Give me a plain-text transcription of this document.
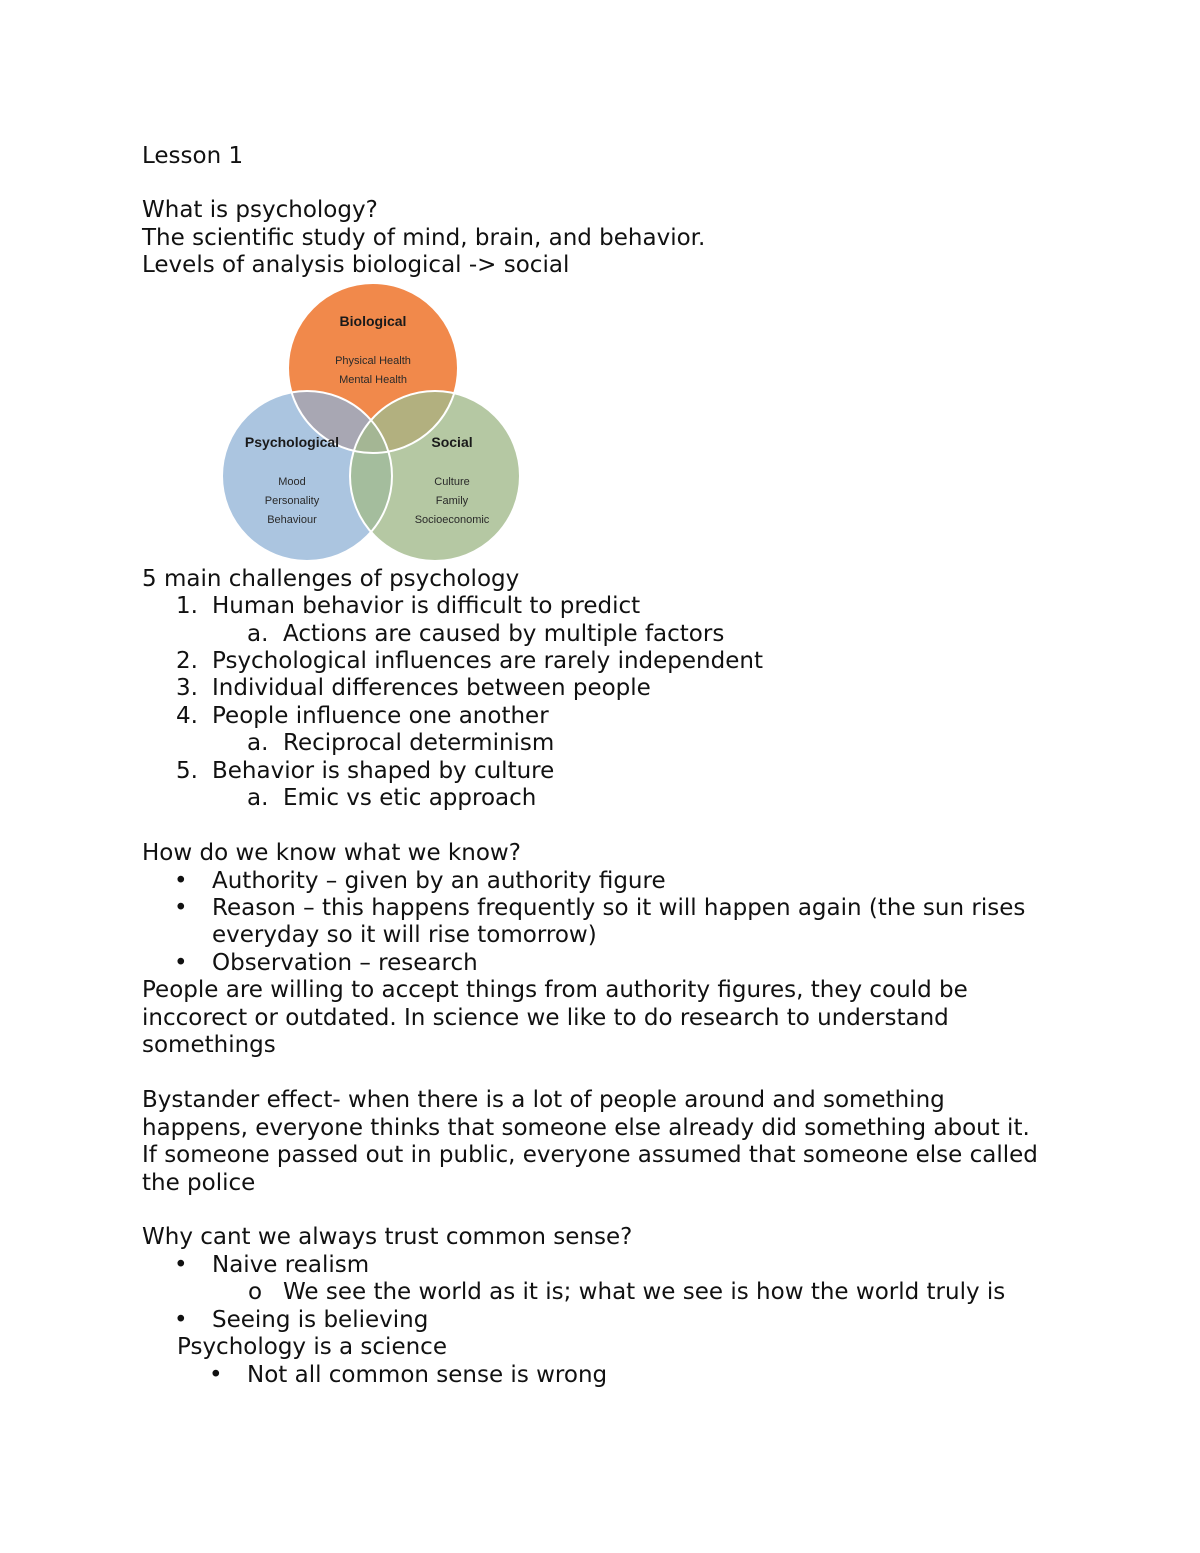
Lesson 1

What is psychology?

The scientific study of mind, brain, and behavior.

Levels of analysis biological -> social

Biological
Physical Health
Mental Health
Psychological
Mood
Personality
Behaviour
Social
Culture
Family
Socioeconomic

5 main challenges of psychology

1. Human behavior is difficult to predict

a. Actions are caused by multiple factors

2. Psychological influences are rarely independent

3. Individual differences between people

4. People influence one another

a. Reciprocal determinism

5. Behavior is shaped by culture

a. Emic vs etic approach

How do we know what we know?

• Authority – given by an authority figure

• Reason – this happens frequently so it will happen again (the sun rises

everyday so it will rise tomorrow)

• Observation – research

People are willing to accept things from authority figures, they could be

inccorect or outdated. In science we like to do research to understand

somethings

Bystander effect- when there is a lot of people around and something

happens, everyone thinks that someone else already did something about it.

If someone passed out in public, everyone assumed that someone else called

the police

Why cant we always trust common sense?

• Naive realism

o We see the world as it is; what we see is how the world truly is

• Seeing is believing

Psychology is a science

• Not all common sense is wrong
